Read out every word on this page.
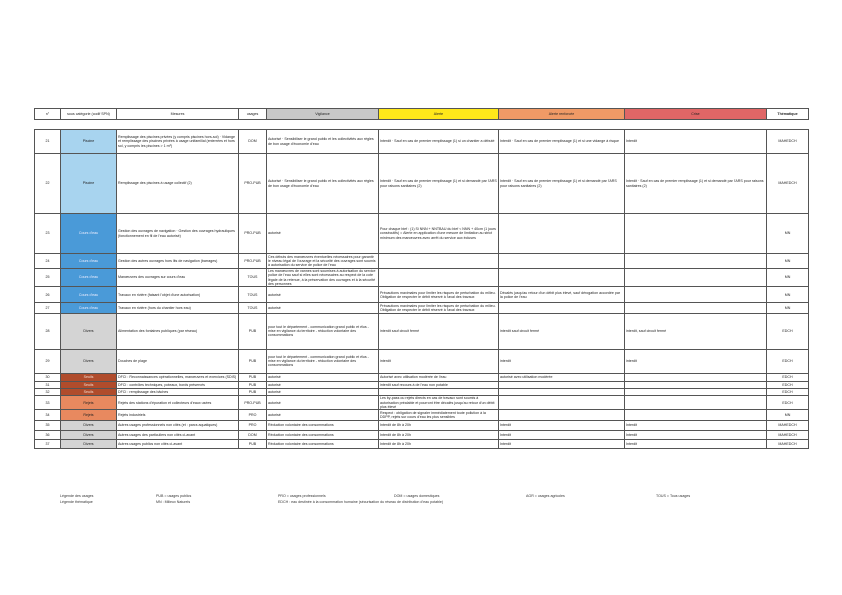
n°	sous catégorie (codif SPN)	Mesures	usages	Vigilance	Alerte	Alerte renforcée	Crise	Thématique

21	Piscine	Remplissage des piscines privées (y compris piscines hors-sol) · Vidange et remplissage des piscines privées à usage unifamilial (enterrées et hors sol, y compris les piscines > 1 m³)	DOM	Autorisé · Sensibiliser le grand public et les collectivités aux règles de bon usage d'économie d'eau	Interdit · Sauf en cas de premier remplissage (1) si un chantier a débuté	Interdit · Sauf en cas de premier remplissage (1) et si une vidange à risque	Interdit	MAHEDCH
22	Piscine	Remplissage des piscines à usage collectif (2)	PRO-PUB	Autorisé · Sensibiliser le grand public et les collectivités aux règles de bon usage d'économie d'eau	Interdit · Sauf en cas de premier remplissage (1) et si demandé par l'ARS pour raisons sanitaires (2)	Interdit · Sauf en cas de premier remplissage (1) et si demandé par l'ARS pour raisons sanitaires (2)	Interdit · Sauf en cas de premier remplissage (1) et si demandé par l'ARS pour raisons sanitaires (2)	MAHEDCH
23	Cours d'eau	Gestion des ouvrages de navigation · Gestion des ouvrages hydrauliques (fonctionnement en fil de l'eau autorisé)	PRO-PUB	autorisé	Pour chaque bief : (1) Si NNN + NNTBAU du bief < NNN + 40cm (1 jours consécutifs) = Alerte en application d'une mesure de limitation au strict minimum des manœuvres avec arrêt du service aux écluses			MN
24	Cours d'eau	Gestion des autres ouvrages hors lits de navigation (barrages)	PRO-PUB	Ces débuts des manœuvres éventuelles nécessaires pour garantir le niveau légal de l'ouvrage et la sécurité des ouvrages sont soumis à autorisation du service de police de l'eau				MN
25	Cours d'eau	Manœuvres des ouvrages sur cours d'eau	TOUS	Les manœuvres de vannes sont soumises à autorisation du service police de l'eau sauf si elles sont nécessaires au respect de la cote légale de la retenue, à la préservation des ouvrages et à la sécurité des personnes				MN
26	Cours d'eau	Travaux en rivière (faisant l'objet d'une autorisation)	TOUS	autorisé	Précautions maximales pour limiter les risques de perturbation du milieu. Obligation de respecter le débit réservé à l'aval des travaux	Décalés jusqu'au retour d'un débit plus élevé, sauf dérogation accordée par la police de l'eau		MN
27	Cours d'eau	Travaux en rivière (hors du chantier hors eau)	TOUS	autorisé	Précautions maximales pour limiter les risques de perturbation du milieu. Obligation de respecter le débit réservé à l'aval des travaux			MN
28	Divers	Alimentation des fontaines publiques (par réseau)	PUB	pour tout le département - communication grand public et élus - mise en vigilance du territoire - réduction volontaire des consommations	interdit sauf circuit fermé	interdit sauf circuit fermé	interdit, sauf circuit fermé	EDCH
29	Divers	Douches de plage	PUB	pour tout le département - communication grand public et élus - mise en vigilance du territoire - réduction volontaire des consommations	interdit	interdit	interdit	EDCH
30	Seuils	DFCI : Reconnaissances opérationnelles, manœuvres et exercices (SDIS)	PUB	autorisé	Autorisé avec utilisation modérée de l'eau	autorisé avec utilisation modérée		EDCH
31	Seuils	DFCI : contrôles techniques, poteaux, bords préservés	PUB	autorisé	interdit sauf recours à de l'eau non potable			EDCH
32	Seuils	DFCI : remplissage des bâches	PUB	autorisé				EDCH
33	Rejets	Rejets des stations d'épuration et collecteurs d'eaux usées	PRO-PUB	autorisé	Les by-pass ou rejets directs en cas de travaux sont soumis à autorisation préalable et pourront être décalés jusqu'au retour d'un débit plus élevé			EDCH
34	Rejets	Rejets industriels	PRO	autorisé	Respect : obligation de signaler immédiatement toute pollution à la DDPP, rejets sur cours d'eau les plus sensibles			MN
35	Divers	Autres usages professionnels non cités (et : parcs aquatiques)	PRO	Réduction volontaire des consommations	Interdit de 8h à 20h	Interdit	Interdit	MAHEDCH
36	Divers	Autres usages des particuliers non cités ci-avant	DOM	Réduction volontaire des consommations	Interdit de 8h à 20h	Interdit	Interdit	MAHEDCH
37	Divers	Autres usages publics non cités ci-avant	PUB	Réduction volontaire des consommations	Interdit de 8h à 20h	Interdit	Interdit	MAHEDCH
Légende des usages
Légende thématique
PUB = usages publics
MN : Milieux Naturels
PRO = usages professionnels
EDCH : eau destinée à la consommation humaine (sécurisation du réseau de distribution d'eau potable)
DOM = usages domestiques	AGR = usages agricoles	TOUS = Tous usages
